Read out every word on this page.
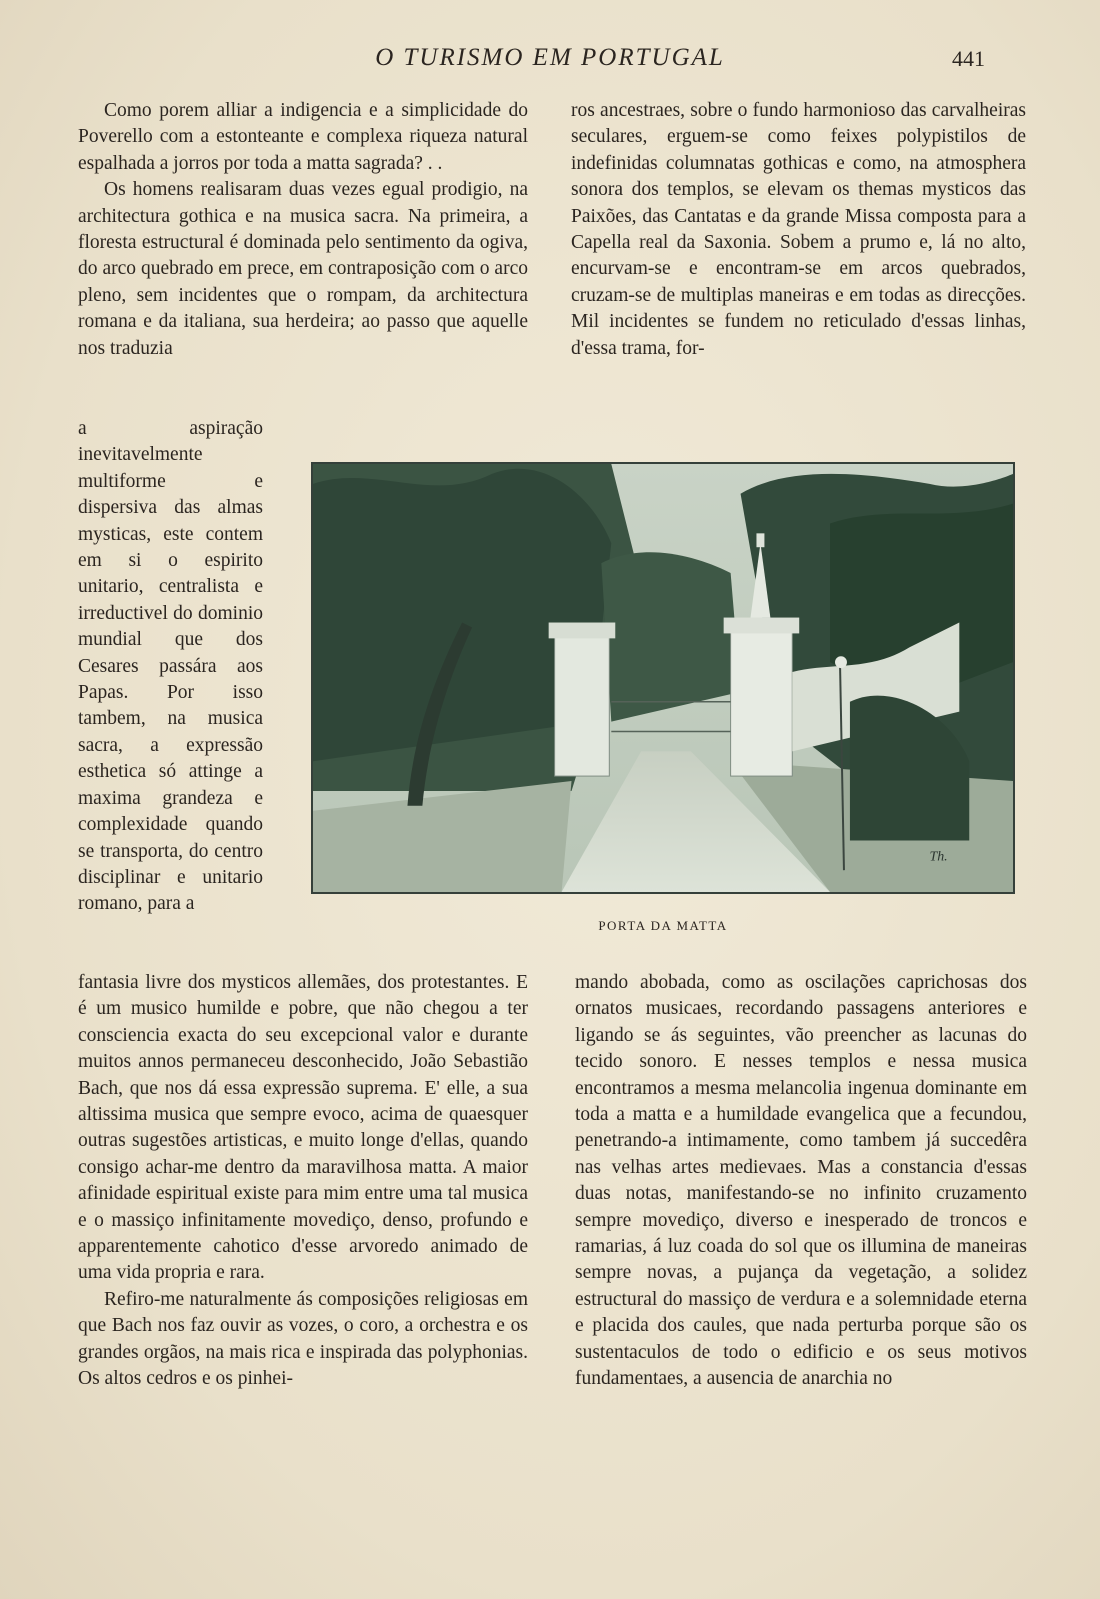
O TURISMO EM PORTUGAL	441

Como porem alliar a indigencia e a simplicidade do Poverello com a estonteante e complexa riqueza natural espalhada a jorros por toda a matta sagrada? . .

Os homens realisaram duas vezes egual prodigio, na architectura gothica e na musica sacra. Na primeira, a floresta estructural é dominada pelo sentimento da ogiva, do arco quebrado em prece, em contraposição com o arco pleno, sem incidentes que o rompam, da architectura romana e da italiana, sua herdeira; ao passo que aquelle nos traduzia

ros ancestraes, sobre o fundo harmonioso das carvalheiras seculares, erguem-se como feixes polypistilos de indefinidas columnatas gothicas e como, na atmosphera sonora dos templos, se elevam os themas mysticos das Paixões, das Cantatas e da grande Missa composta para a Capella real da Saxonia. Sobem a prumo e, lá no alto, encurvam-se e encontram-se em arcos quebrados, cruzam-se de multiplas maneiras e em todas as direcções. Mil incidentes se fundem no reticulado d'essas linhas, d'essa trama, for-

a aspiração inevitavelmente multiforme e dispersiva das almas mysticas, este contem em si o espirito unitario, centralista e irreductivel do dominio mundial que dos Cesares passára aos Papas. Por isso tambem, na musica sacra, a expressão esthetica só attinge a maxima grandeza e complexidade quando se transporta, do centro disciplinar e unitario romano, para a

Th.
PORTA DA MATTA

fantasia livre dos mysticos allemães, dos protestantes. E é um musico humilde e pobre, que não chegou a ter consciencia exacta do seu excepcional valor e durante muitos annos permaneceu desconhecido, João Sebastião Bach, que nos dá essa expressão suprema. E' elle, a sua altissima musica que sempre evoco, acima de quaesquer outras sugestões artisticas, e muito longe d'ellas, quando consigo achar-me dentro da maravilhosa matta. A maior afinidade espiritual existe para mim entre uma tal musica e o massiço infinitamente movediço, denso, profundo e apparentemente cahotico d'esse arvoredo animado de uma vida propria e rara.

Refiro-me naturalmente ás composições religiosas em que Bach nos faz ouvir as vozes, o coro, a orchestra e os grandes orgãos, na mais rica e inspirada das polyphonias. Os altos cedros e os pinhei-

mando abobada, como as oscilações caprichosas dos ornatos musicaes, recordando passagens anteriores e ligando se ás seguintes, vão preencher as lacunas do tecido sonoro. E nesses templos e nessa musica encontramos a mesma melancolia ingenua dominante em toda a matta e a humildade evangelica que a fecundou, penetrando-a intimamente, como tambem já succedêra nas velhas artes medievaes. Mas a constancia d'essas duas notas, manifestando-se no infinito cruzamento sempre movediço, diverso e inesperado de troncos e ramarias, á luz coada do sol que os illumina de maneiras sempre novas, a pujança da vegetação, a solidez estructural do massiço de verdura e a solemnidade eterna e placida dos caules, que nada perturba porque são os sustentaculos de todo o edificio e os seus motivos fundamentaes, a ausencia de anarchia no
